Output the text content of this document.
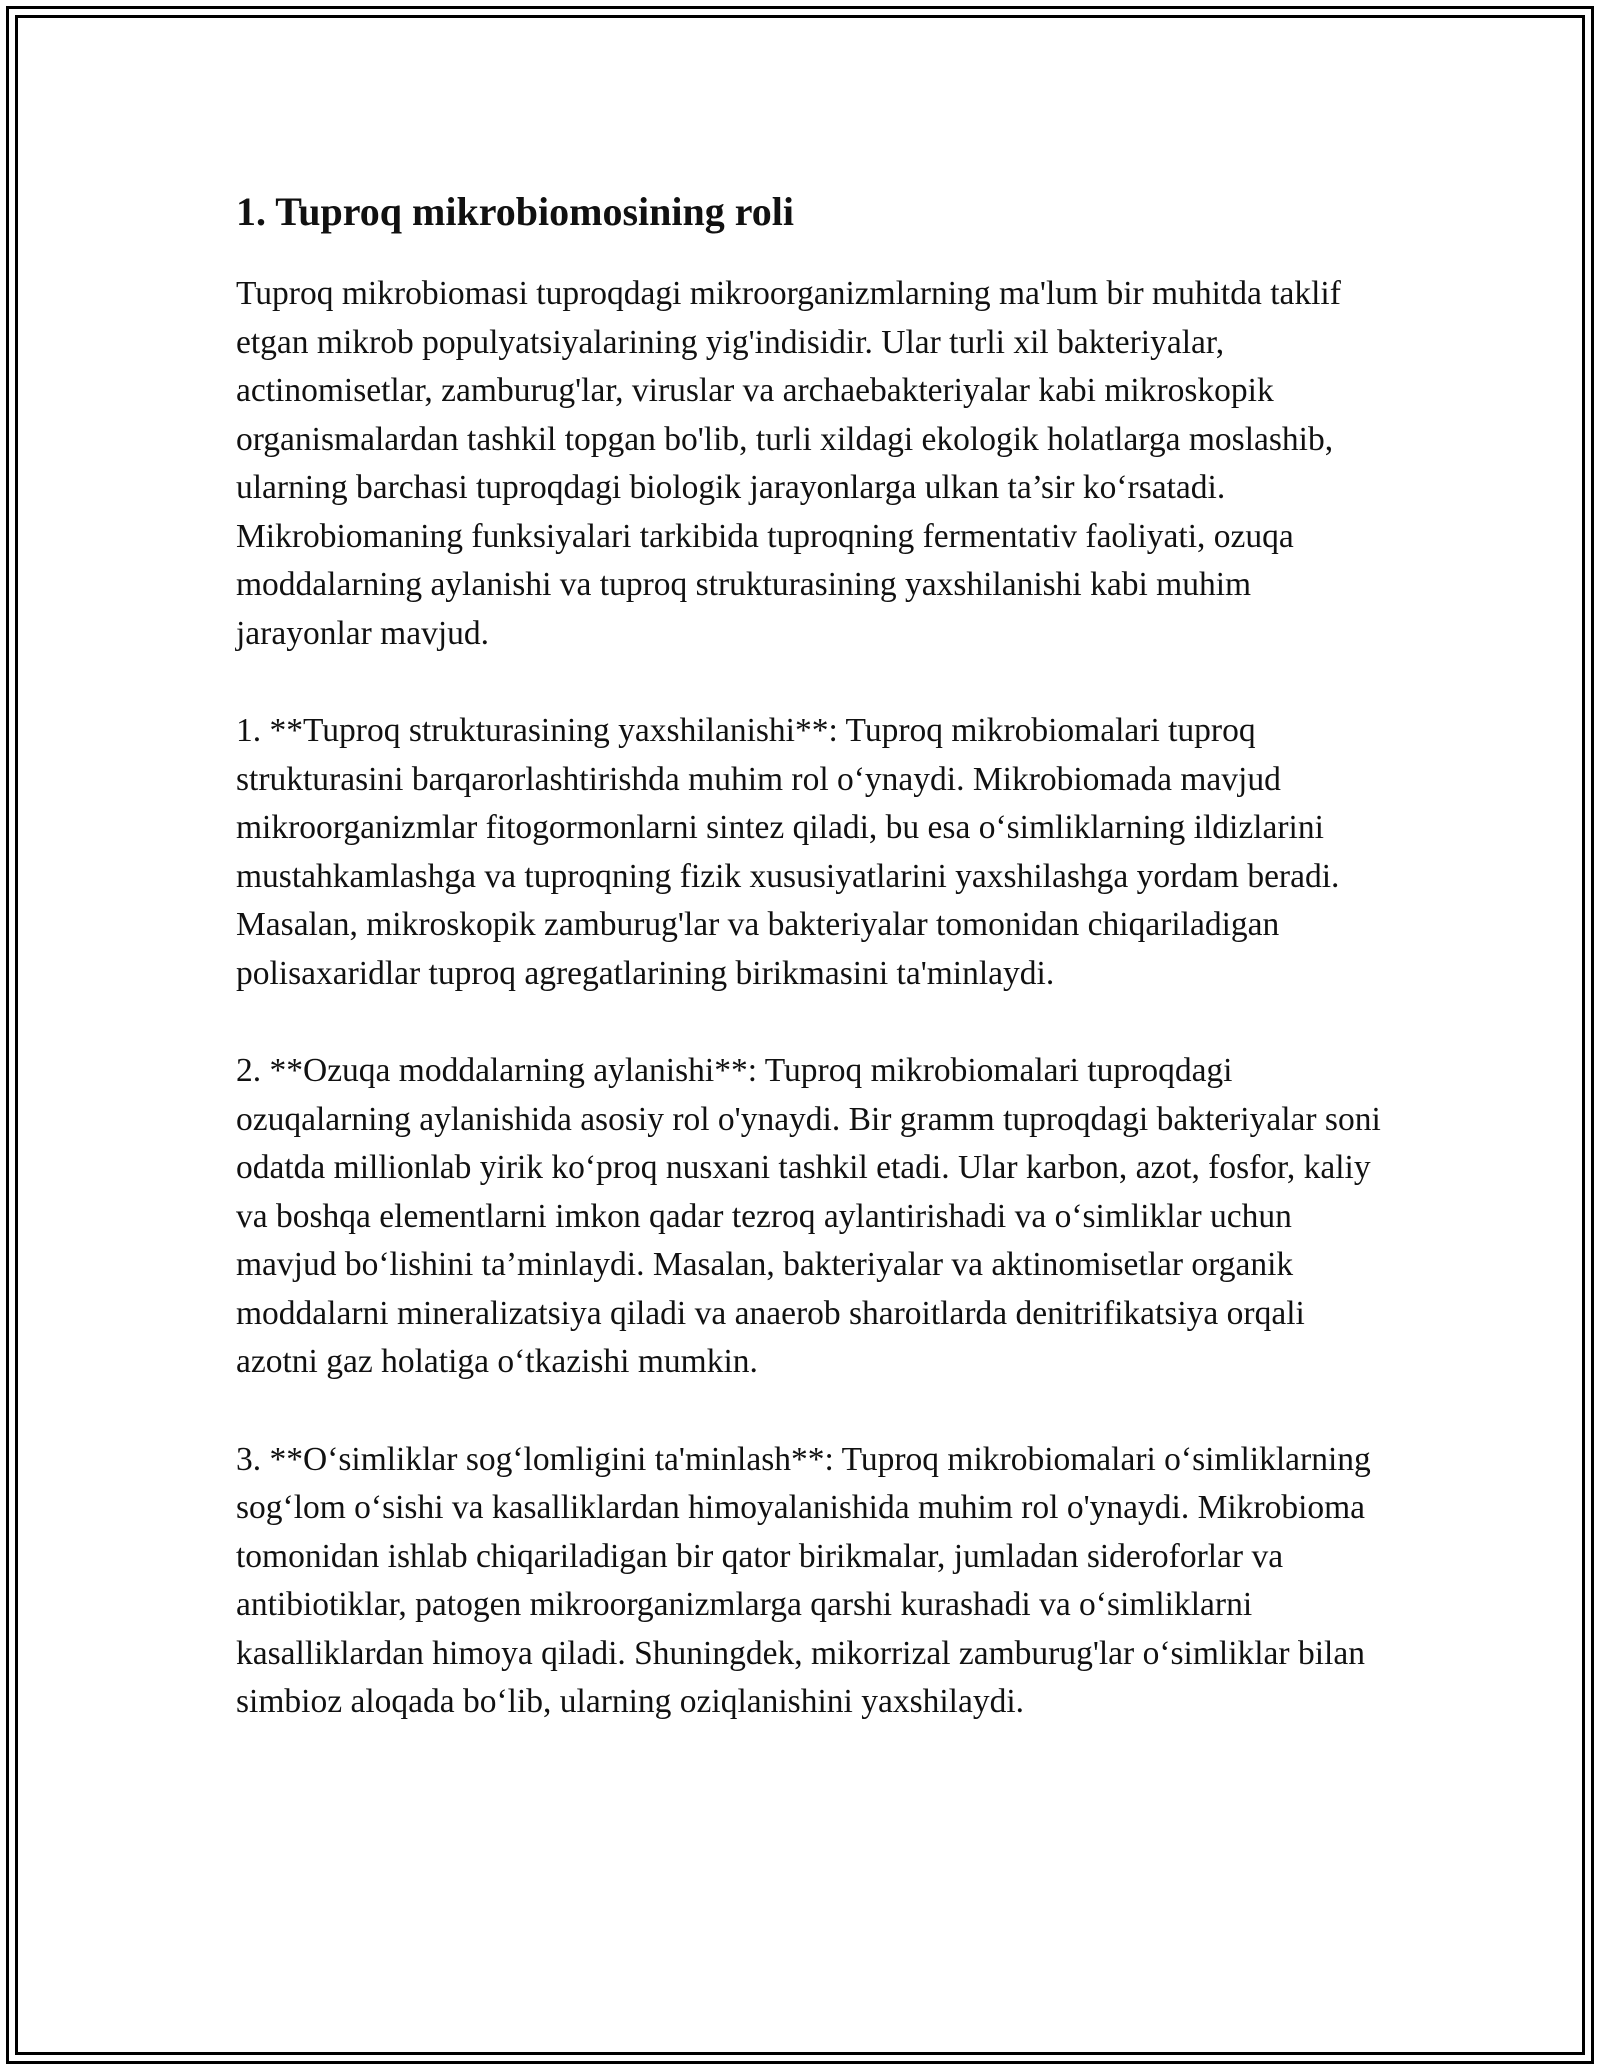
1. Tuproq mikrobiomosining roli

Tuproq mikrobiomasi tuproqdagi mikroorganizmlarning ma'lum bir muhitda taklif etgan mikrob populyatsiyalarining yig'indisidir. Ular turli xil bakteriyalar, actinomisetlar, zamburug'lar, viruslar va archaebakteriyalar kabi mikroskopik organismalardan tashkil topgan bo'lib, turli xildagi ekologik holatlarga moslashib, ularning barchasi tuproqdagi biologik jarayonlarga ulkan ta’sir ko‘rsatadi. Mikrobiomaning funksiyalari tarkibida tuproqning fermentativ faoliyati, ozuqa moddalarning aylanishi va tuproq strukturasining yaxshilanishi kabi muhim jarayonlar mavjud.

1. **Tuproq strukturasining yaxshilanishi**: Tuproq mikrobiomalari tuproq strukturasini barqarorlashtirishda muhim rol o‘ynaydi. Mikrobiomada mavjud mikroorganizmlar fitogormonlarni sintez qiladi, bu esa o‘simliklarning ildizlarini mustahkamlashga va tuproqning fizik xususiyatlarini yaxshilashga yordam beradi. Masalan, mikroskopik zamburug'lar va bakteriyalar tomonidan chiqariladigan polisaxaridlar tuproq agregatlarining birikmasini ta'minlaydi.

2. **Ozuqa moddalarning aylanishi**: Tuproq mikrobiomalari tuproqdagi ozuqalarning aylanishida asosiy rol o'ynaydi. Bir gramm tuproqdagi bakteriyalar soni odatda millionlab yirik ko‘proq nusxani tashkil etadi. Ular karbon, azot, fosfor, kaliy va boshqa elementlarni imkon qadar tezroq aylantirishadi va o‘simliklar uchun mavjud bo‘lishini ta’minlaydi. Masalan, bakteriyalar va aktinomisetlar organik moddalarni mineralizatsiya qiladi va anaerob sharoitlarda denitrifikatsiya orqali azotni gaz holatiga o‘tkazishi mumkin.

3. **O‘simliklar sog‘lomligini ta'minlash**: Tuproq mikrobiomalari o‘simliklarning sog‘lom o‘sishi va kasalliklardan himoyalanishida muhim rol o'ynaydi. Mikrobioma tomonidan ishlab chiqariladigan bir qator birikmalar, jumladan sideroforlar va antibiotiklar, patogen mikroorganizmlarga qarshi kurashadi va o‘simliklarni kasalliklardan himoya qiladi. Shuningdek, mikorrizal zamburug'lar o‘simliklar bilan simbioz aloqada bo‘lib, ularning oziqlanishini yaxshilaydi.
